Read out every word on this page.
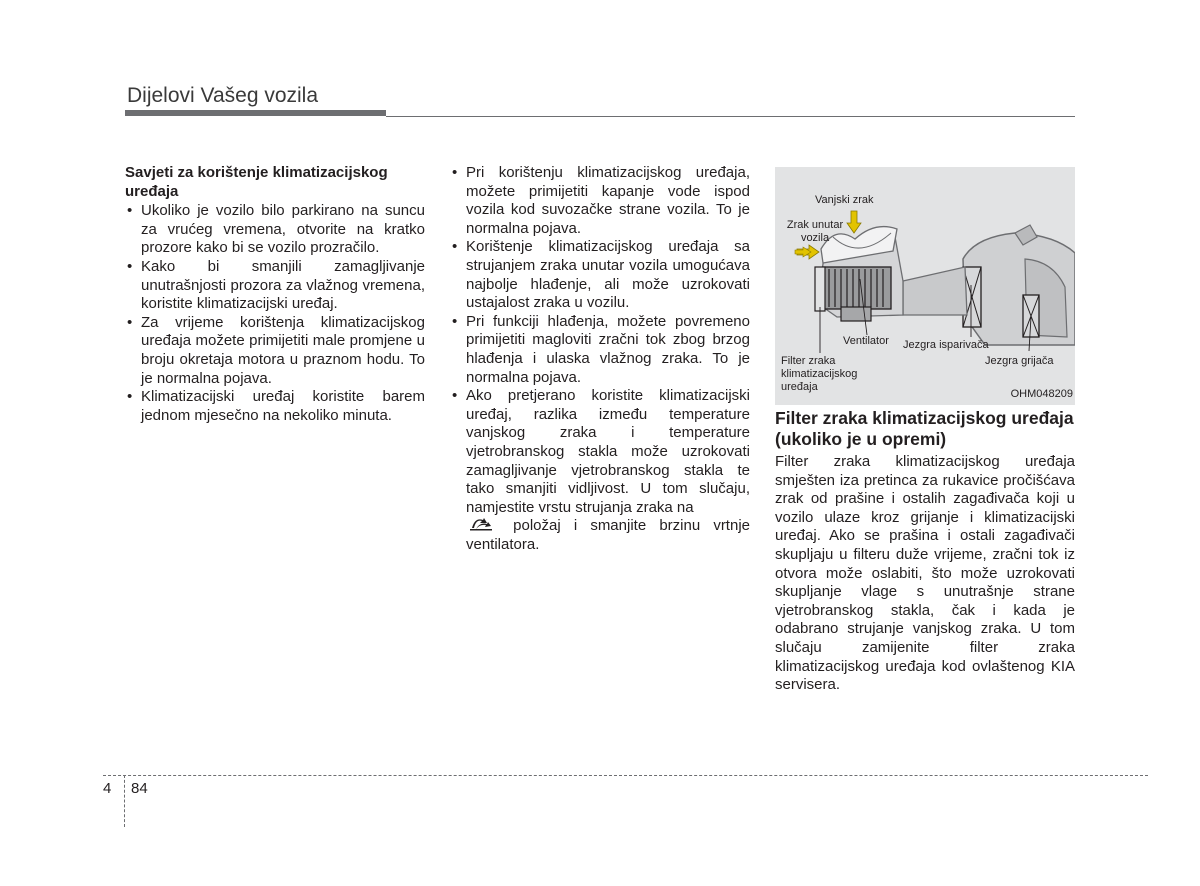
Dijelovi Vašeg vozila
Savjeti za korištenje klimatizacijskog uređaja
• Ukoliko je vozilo bilo parkirano na suncu za vrućeg vremena, otvorite na kratko prozore kako bi se vozilo prozračilo.
• Kako bi smanjili zamagljivanje unutrašnjosti prozora za vlažnog vremena, koristite klimatizacijski uređaj.
• Za vrijeme korištenja klimatizacijskog uređaja možete primijetiti male promjene u broju okretaja motora u praznom hodu. To je normalna pojava.
• Klimatizacijski uređaj koristite barem jednom mjesečno na nekoliko minuta.
• Pri korištenju klimatizacijskog uređaja, možete primijetiti kapanje vode ispod vozila kod suvozačke strane vozila. To je normalna pojava.
• Korištenje klimatizacijskog uređaja sa strujanjem zraka unutar vozila umogućava najbolje hlađenje, ali može uzrokovati ustajalost zraka u vozilu.
• Pri funkciji hlađenja, možete povremeno primijetiti magloviti zračni tok zbog brzog hlađenja i ulaska vlažnog zraka. To je normalna pojava.
• Ako pretjerano koristite klimatizacijski uređaj, razlika između temperature vanjskog zraka i temperature vjetrobranskog stakla može uzrokovati zamagljivanje vjetrobranskog stakla te tako smanjiti vidljivost. U tom slučaju, namjestite vrstu strujanja zraka na
položaj i smanjite brzinu vrtnje ventilatora.
Vanjski zrak
Zrak unutar vozila
Ventilator
Filter zraka klimatizacijskog uređaja
Jezgra isparivača
Jezgra grijača
OHM048209
Filter zraka klimatizacijskog uređaja (ukoliko je u opremi)
Filter zraka klimatizacijskog uređaja smješten iza pretinca za rukavice pročišćava zrak od prašine i ostalih zagađivača koji u vozilo ulaze kroz grijanje i klimatizacijski uređaj. Ako se prašina i ostali zagađivači skupljaju u filteru duže vrijeme, zračni tok iz otvora može oslabiti, što može uzrokovati skupljanje vlage s unutrašnje strane vjetrobranskog stakla, čak i kada je odabrano strujanje vanjskog zraka. U tom slučaju zamijenite filter zraka klimatizacijskog uređaja kod ovlaštenog KIA servisera.
4 84
